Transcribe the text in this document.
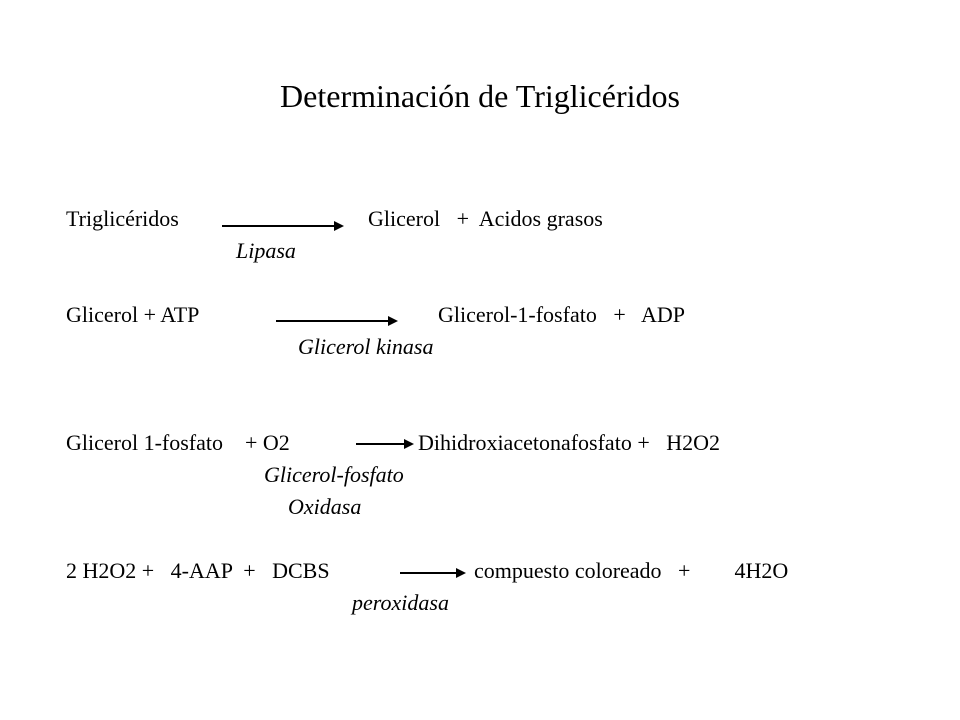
Determinación de Triglicéridos
Triglicéridos	Glicerol   +  Acidos grasos
Lipasa
Glicerol + ATP	Glicerol-1-fosfato   +   ADP
Glicerol kinasa
Glicerol 1-fosfato    + O2	Dihidroxiacetonafosfato +   H2O2
Glicerol-fosfato
Oxidasa
2 H2O2 +   4-AAP  +   DCBS	compuesto coloreado   +        4H2O
peroxidasa
